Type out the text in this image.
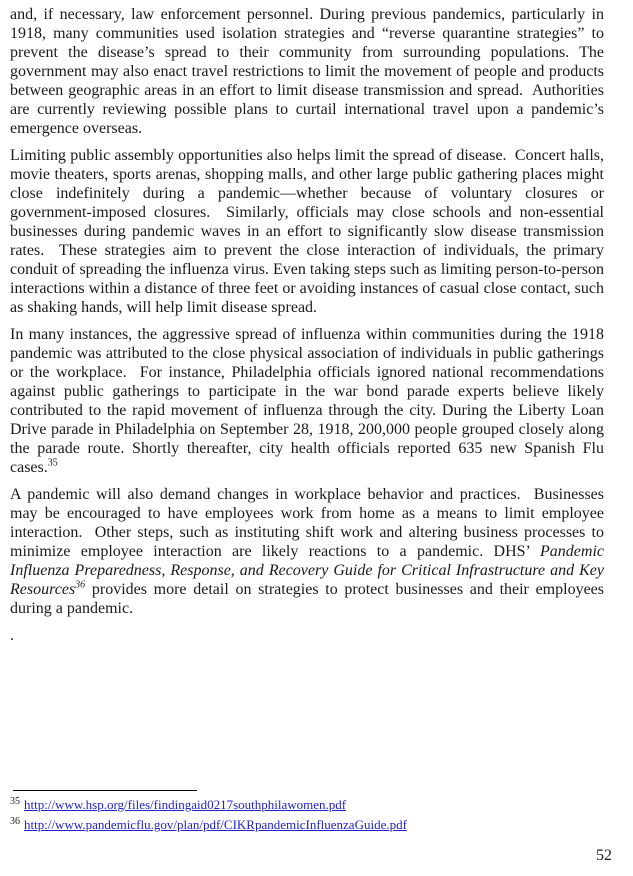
and, if necessary, law enforcement personnel. During previous pandemics, particularly in 1918, many communities used isolation strategies and “reverse quarantine strategies” to prevent the disease’s spread to their community from surrounding populations. The government may also enact travel restrictions to limit the movement of people and products between geographic areas in an effort to limit disease transmission and spread.  Authorities are currently reviewing possible plans to curtail international travel upon a pandemic’s emergence overseas.

Limiting public assembly opportunities also helps limit the spread of disease.  Concert halls, movie theaters, sports arenas, shopping malls, and other large public gathering places might close indefinitely during a pandemic—whether because of voluntary closures or government-imposed closures.  Similarly, officials may close schools and non-essential businesses during pandemic waves in an effort to significantly slow disease transmission rates.  These strategies aim to prevent the close interaction of individuals, the primary conduit of spreading the influenza virus. Even taking steps such as limiting person-to-person interactions within a distance of three feet or avoiding instances of casual close contact, such as shaking hands, will help limit disease spread.

In many instances, the aggressive spread of influenza within communities during the 1918 pandemic was attributed to the close physical association of individuals in public gatherings or the workplace.  For instance, Philadelphia officials ignored national recommendations against public gatherings to participate in the war bond parade experts believe likely contributed to the rapid movement of influenza through the city. During the Liberty Loan Drive parade in Philadelphia on September 28, 1918, 200,000 people grouped closely along the parade route. Shortly thereafter, city health officials reported 635 new Spanish Flu cases.$^{35}$

A pandemic will also demand changes in workplace behavior and practices.  Businesses may be encouraged to have employees work from home as a means to limit employee interaction.  Other steps, such as instituting shift work and altering business processes to minimize employee interaction are likely reactions to a pandemic. DHS’ Pandemic Influenza Preparedness, Response, and Recovery Guide for Critical Infrastructure and Key Resources$^{36}$ provides more detail on strategies to protect businesses and their employees during a pandemic.

.

$^{35}$ http://www.hsp.org/files/findingaid0217southphilawomen.pdf
$^{36}$ http://www.pandemicflu.gov/plan/pdf/CIKRpandemicInfluenzaGuide.pdf
52
